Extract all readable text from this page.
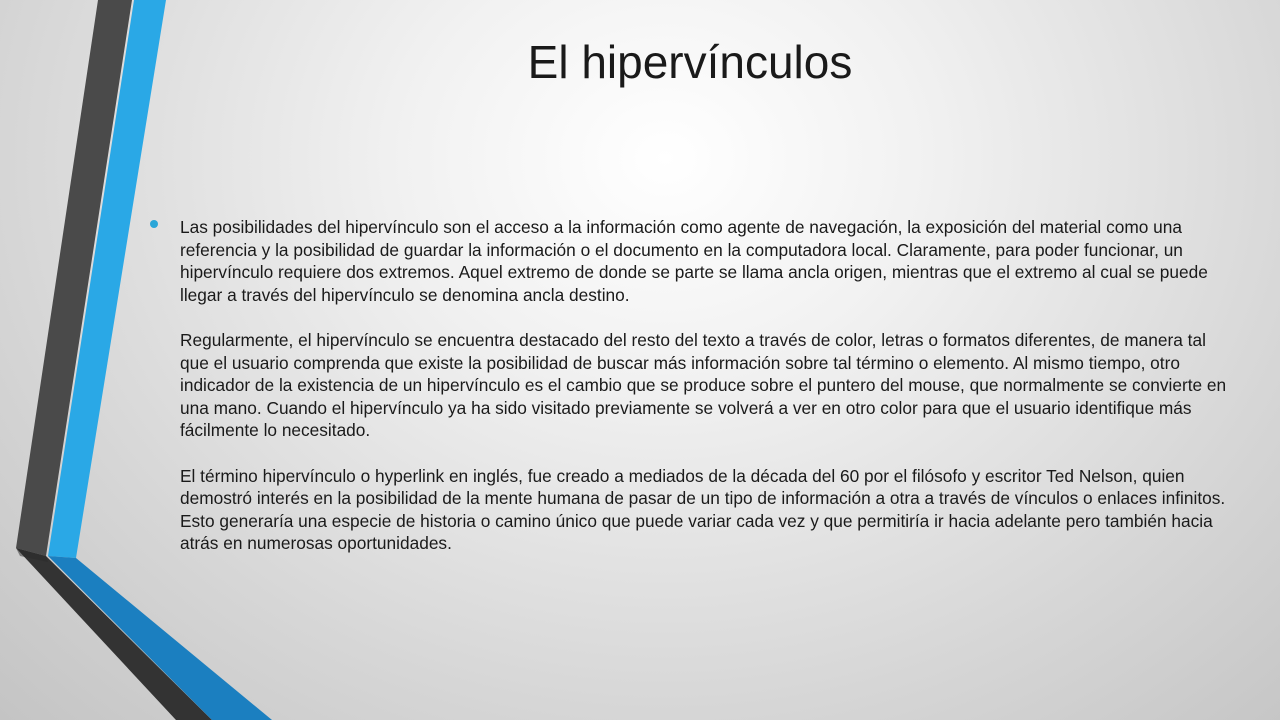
El hipervínculos

Las posibilidades del hipervínculo son el acceso a la información como agente de navegación, la exposición del material como una referencia y la posibilidad de guardar la información o el documento en la computadora local. Claramente, para poder funcionar, un hipervínculo requiere dos extremos. Aquel extremo de donde se parte se llama ancla origen, mientras que el extremo al cual se puede llegar a través del hipervínculo se denomina ancla destino.

Regularmente, el hipervínculo se encuentra destacado del resto del texto a través de color, letras o formatos diferentes, de manera tal que el usuario comprenda que existe la posibilidad de buscar más información sobre tal término o elemento. Al mismo tiempo, otro indicador de la existencia de un hipervínculo es el cambio que se produce sobre el puntero del mouse, que normalmente se convierte en una mano. Cuando el hipervínculo ya ha sido visitado previamente se volverá a ver en otro color para que el usuario identifique más fácilmente lo necesitado.

El término hipervínculo o hyperlink en inglés, fue creado a mediados de la década del 60 por el filósofo y escritor Ted Nelson, quien demostró interés en la posibilidad de la mente humana de pasar de un tipo de información a otra a través de vínculos o enlaces infinitos. Esto generaría una especie de historia o camino único que puede variar cada vez y que permitiría ir hacia adelante pero también hacia atrás en numerosas oportunidades.
